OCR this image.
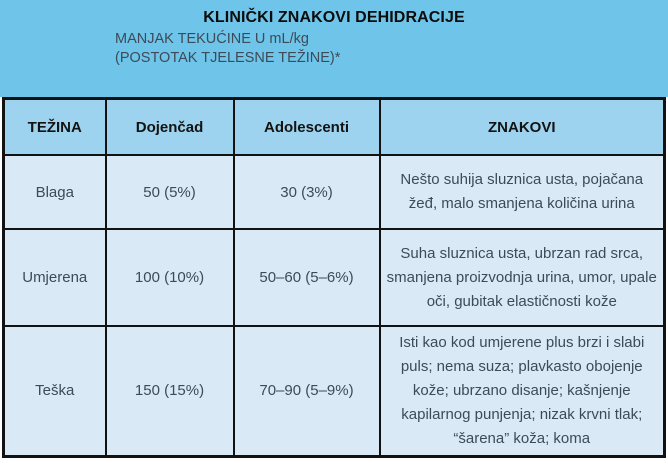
KLINIČKI ZNAKOVI DEHIDRACIJE
MANJAK TEKUĆINE U mL/kg
(POSTOTAK TJELESNE TEŽINE)*
TEŽINA	Dojenčad	Adolescenti	ZNAKOVI
Blaga	50 (5%)	30 (3%)	Nešto suhija sluznica usta, pojačana žeđ, malo smanjena količina urina
Umjerena	100 (10%)	50–60 (5–6%)	Suha sluznica usta, ubrzan rad srca, smanjena proizvodnja urina, umor, upale oči, gubitak elastičnosti kože
Teška	150 (15%)	70–90 (5–9%)	Isti kao kod umjerene plus brzi i slabi puls; nema suza; plavkasto obojenje kože; ubrzano disanje; kašnjenje kapilarnog punjenja; nizak krvni tlak; “šarena” koža; koma
